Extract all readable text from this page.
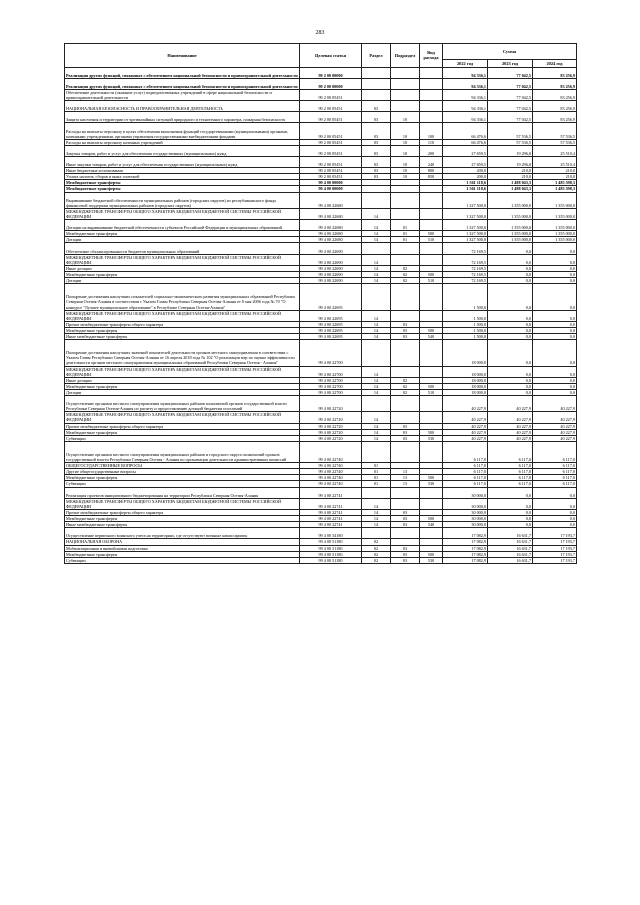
283
Наименование	Целевая статья	Раздел	Подраздел	Вид расхода	Сумма		
					2022 год	2023 год	2024 год
Реализация других функций, связанных с обеспечением национальной безопасности и правоохранительной деятельности	99 2 00 00000				94 336,1	77 042,5	83 256,9
Реализация других функций, связанных с обеспечением национальной безопасности и правоохранительной деятельности	99 2 00 00000				94 336,1	77 042,5	83 256,9
Обеспечение деятельности (оказание услуг) подведомственных учреждений в сфере национальной безопасности и правоохранительной деятельности	99 2 00 05451				94 336,1	77 042,5	83 256,9
НАЦИОНАЛЬНАЯ БЕЗОПАСНОСТЬ И ПРАВООХРАНИТЕЛЬНАЯ ДЕЯТЕЛЬНОСТЬ	99 2 00 05451	03			94 336,1	77 042,5	83 256,9
Защита населения и территории от чрезвычайных ситуаций природного и техногенного характера, пожарная безопасность	99 2 00 05451	03	10		94 336,1	77 042,5	83 256,9
Расходы на выплаты персоналу в целях обеспечения выполнения функций государственными (муниципальными) органами, казенными учреждениями, органами управления государственными внебюджетными фондами	99 2 00 05451	03	10	100	66 476,6	57 536,5	57 536,5
Расходы на выплаты персоналу казенных учреждений	99 2 00 05451	03	10	110	66 476,6	57 536,5	57 536,5
Закупка товаров, работ и услуг для обеспечения государственных (муниципальных) нужд	99 2 00 05451	03	10	200	27 659,5	19 296,0	25 510,4
Иные закупки товаров, работ и услуг для обеспечения государственных (муниципальных) нужд	99 2 00 05451	03	10	240	27 659,5	19 296,0	25 510,4
Иные бюджетные ассигнования	99 2 00 05451	03	10	800	200,0	210,0	210,0
Уплата налогов, сборов и иных платежей	99 2 00 05451	03	10	850	200,0	210,0	210,0
Межбюджетные трансферты	99 4 00 00000				1 561 118,6	1 488 043,3	1 485 598,3
Межбюджетные трансферты	99 4 00 00000				1 561 118,6	1 488 043,3	1 485 598,3
Выравнивание бюджетной обеспеченности муниципальных районов (городских округов) из республиканского фонда финансовой поддержки муниципальных районов (городских округов)	99 4 00 22680				1 327 500,0	1 355 000,0	1 355 000,0
МЕЖБЮДЖЕТНЫЕ ТРАНСФЕРТЫ ОБЩЕГО ХАРАКТЕРА БЮДЖЕТАМ БЮДЖЕТНОЙ СИСТЕМЫ РОССИЙСКОЙ ФЕДЕРАЦИИ	99 4 00 22680	14			1 327 500,0	1 355 000,0	1 355 000,0
Дотации на выравнивание бюджетной обеспеченности субъектов Российской Федерации и муниципальных образований	99 4 00 22680	14	01		1 327 500,0	1 355 000,0	1 355 000,0
Межбюджетные трансферты	99 4 00 22680	14	01	500	1 327 500,0	1 355 000,0	1 355 000,0
Дотации	99 4 00 22680	14	01	510	1 327 500,0	1 355 000,0	1 355 000,0
Обеспечение сбалансированности бюджетов муниципальных образований	99 4 00 22690				72 169,5	0,0	0,0
МЕЖБЮДЖЕТНЫЕ ТРАНСФЕРТЫ ОБЩЕГО ХАРАКТЕРА БЮДЖЕТАМ БЮДЖЕТНОЙ СИСТЕМЫ РОССИЙСКОЙ ФЕДЕРАЦИИ	99 4 00 22690	14			72 169,5	0,0	0,0
Иные дотации	99 4 00 22690	14	02		72 169,5	0,0	0,0
Межбюджетные трансферты	99 4 00 22690	14	02	500	72 169,5	0,0	0,0
Дотации	99 4 00 22690	14	02	510	72 169,5	0,0	0,0
Поощрение достижения наилучших показателей социально-экономического развития муниципальных образований Республики Северная Осетия-Алания в соответствии с Указом Главы Республики Северная Осетия-Алания от 6 мая 2006 года № 70 "О конкурсе "Лучшее муниципальное образование" в Республике Северная Осетия-Алания"	99 4 00 22695				1 500,0	0,0	0,0
МЕЖБЮДЖЕТНЫЕ ТРАНСФЕРТЫ ОБЩЕГО ХАРАКТЕРА БЮДЖЕТАМ БЮДЖЕТНОЙ СИСТЕМЫ РОССИЙСКОЙ ФЕДЕРАЦИИ	99 4 00 22695	14			1 500,0	0,0	0,0
Прочие межбюджетные трансферты общего характера	99 4 00 22695	14	03		1 500,0	0,0	0,0
Межбюджетные трансферты	99 4 00 22695	14	03	500	1 500,0	0,0	0,0
Иные межбюджетные трансферты	99 4 00 22695	14	03	540	1 500,0	0,0	0,0
Поощрение достижения наилучших значений показателей деятельности органов местного самоуправления в соответствии с Указом Главы Республики Северная Осетия-Алания от 16 апреля 2018 года № 102 "О реализации мер по оценке эффективности деятельности органов местного самоуправления муниципальных образований Республики Северная Осетия - Алания"	99 4 00 22700				18 000,0	0,0	0,0
МЕЖБЮДЖЕТНЫЕ ТРАНСФЕРТЫ ОБЩЕГО ХАРАКТЕРА БЮДЖЕТАМ БЮДЖЕТНОЙ СИСТЕМЫ РОССИЙСКОЙ ФЕДЕРАЦИИ	99 4 00 22700	14			18 000,0	0,0	0,0
Иные дотации	99 4 00 22700	14	02		18 000,0	0,0	0,0
Межбюджетные трансферты	99 4 00 22700	14	02	500	18 000,0	0,0	0,0
Дотации	99 4 00 22700	14	02	510	18 000,0	0,0	0,0
Осуществление органами местного самоуправления муниципальных районов полномочий органов государственной власти Республики Северная Осетия-Алания по расчету и предоставлению дотаций бюджетам поселений	99 4 00 22720				40 227,9	40 227,9	40 227,9
МЕЖБЮДЖЕТНЫЕ ТРАНСФЕРТЫ ОБЩЕГО ХАРАКТЕРА БЮДЖЕТАМ БЮДЖЕТНОЙ СИСТЕМЫ РОССИЙСКОЙ ФЕДЕРАЦИИ	99 4 00 22720	14			40 227,9	40 227,9	40 227,9
Прочие межбюджетные трансферты общего характера	99 4 00 22720	14	03		40 227,9	40 227,9	40 227,9
Межбюджетные трансферты	99 4 00 22720	14	03	500	40 227,9	40 227,9	40 227,9
Субвенции	99 4 00 22720	14	03	530	40 227,9	40 227,9	40 227,9
Осуществление органами местного самоуправления муниципальных районов и городского округа полномочий органов государственной власти Республики Северная Осетия - Алания по организации деятельности административных комиссий	99 4 00 22740				6 117,0	6 117,0	6 117,0
ОБЩЕГОСУДАРСТВЕННЫЕ ВОПРОСЫ	99 4 00 22740	01			6 117,0	6 117,0	6 117,0
Другие общегосударственные вопросы	99 4 00 22740	01	13		6 117,0	6 117,0	6 117,0
Межбюджетные трансферты	99 4 00 22740	01	13	500	6 117,0	6 117,0	6 117,0
Субвенции	99 4 00 22740	01	13	530	6 117,0	6 117,0	6 117,0
Реализация проектов инициативного бюджетирования на территории Республики Северная Осетия-Алания	99 4 00 22741				30 000,0	0,0	0,0
МЕЖБЮДЖЕТНЫЕ ТРАНСФЕРТЫ ОБЩЕГО ХАРАКТЕРА БЮДЖЕТАМ БЮДЖЕТНОЙ СИСТЕМЫ РОССИЙСКОЙ ФЕДЕРАЦИИ	99 4 00 22741	14			30 000,0	0,0	0,0
Прочие межбюджетные трансферты общего характера	99 4 00 22741	14	03		30 000,0	0,0	0,0
Межбюджетные трансферты	99 4 00 22741	14	03	500	30 000,0	0,0	0,0
Иные межбюджетные трансферты	99 4 00 22741	14	03	540	30 000,0	0,0	0,0
Осуществление первичного воинского учета на территориях, где отсутствуют военные комиссариаты	99 4 00 54180				17 082,9	16 631,7	17 193,7
НАЦИОНАЛЬНАЯ ОБОРОНА	99 4 00 51180	02			17 082,9	16 631,7	17 193,7
Мобилизационная и вневойсковая подготовка	99 4 00 51180	02	03		17 082,9	16 631,7	17 193,7
Межбюджетные трансферты	99 4 00 51180	02	03	500	17 082,9	16 631,7	17 193,7
Субвенции	99 4 00 51180	02	03	530	17 082,9	16 631,7	17 193,7
